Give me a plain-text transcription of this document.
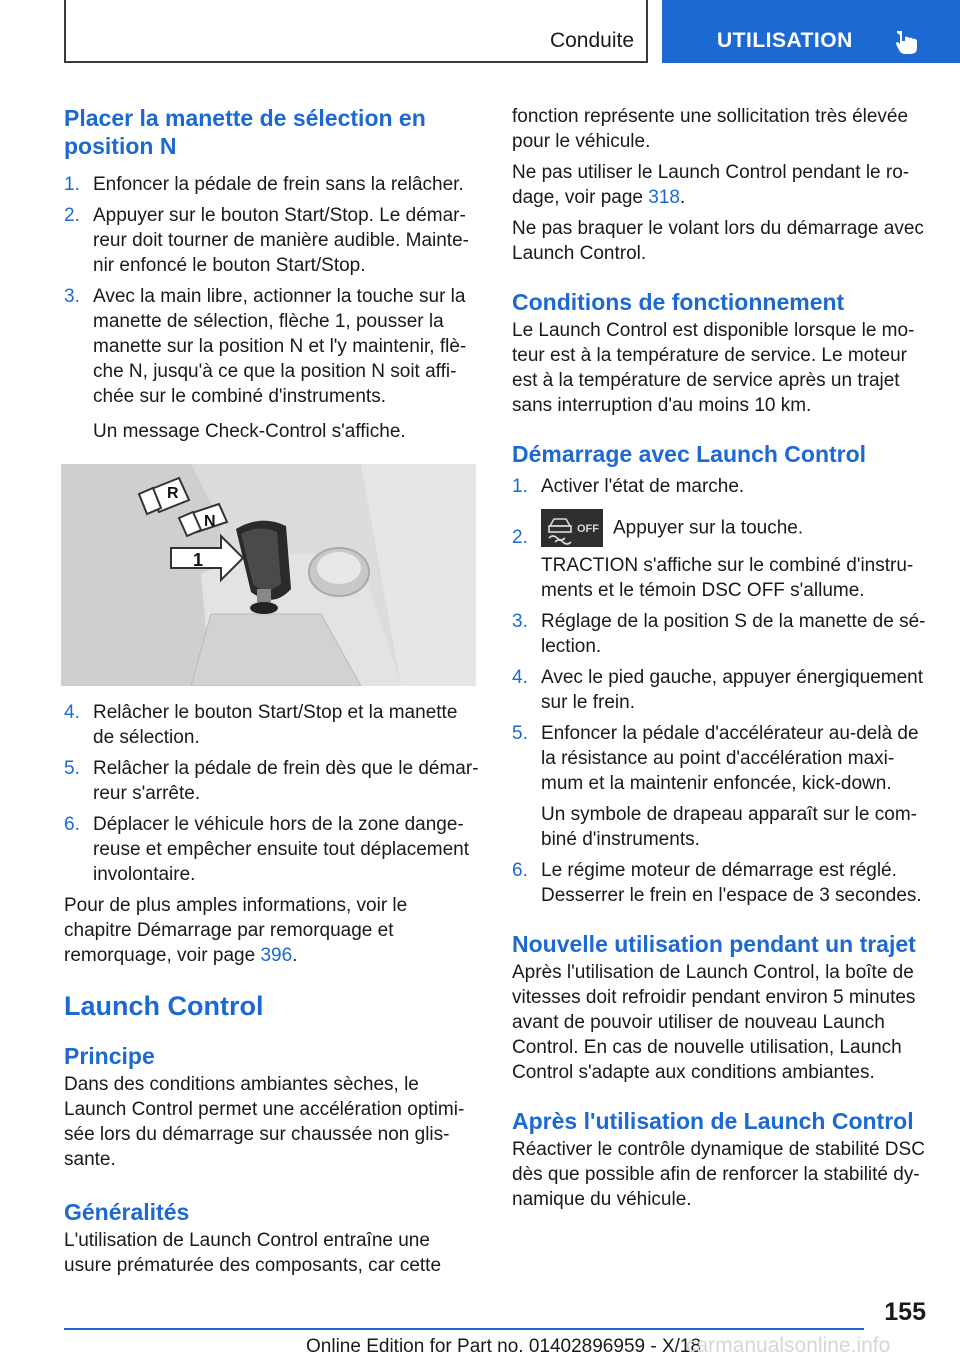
Conduite	UTILISATION
Placer la manette de sélection en position N
1. Enfoncer la pédale de frein sans la relâcher.
2. Appuyer sur le bouton Start/Stop. Le démarreur doit tourner de manière audible. Maintenir enfoncé le bouton Start/Stop.
3. Avec la main libre, actionner la touche sur la manette de sélection, flèche 1, pousser la manette sur la position N et l'y maintenir, flèche N, jusqu'à ce que la position N soit affichée sur le combiné d'instruments.
Un message Check-Control s'affiche.
R
N
1
4. Relâcher le bouton Start/Stop et la manette de sélection.
5. Relâcher la pédale de frein dès que le démarreur s'arrête.
6. Déplacer le véhicule hors de la zone dangereuse et empêcher ensuite tout déplacement involontaire.

Pour de plus amples informations, voir le chapitre Démarrage par remorquage et remorquage, voir page 396.

Launch Control
Principe

Dans des conditions ambiantes sèches, le Launch Control permet une accélération optimisée lors du démarrage sur chaussée non glissante.

Généralités

L'utilisation de Launch Control entraîne une usure prématurée des composants, car cette

fonction représente une sollicitation très élevée pour le véhicule.

Ne pas utiliser le Launch Control pendant le rodage, voir page 318.

Ne pas braquer le volant lors du démarrage avec Launch Control.

Conditions de fonctionnement

Le Launch Control est disponible lorsque le moteur est à la température de service. Le moteur est à la température de service après un trajet sans interruption d'au moins 10 km.

Démarrage avec Launch Control
1. Activer l'état de marche.
2.	OFF Appuyer sur la touche.
TRACTION s'affiche sur le combiné d'instruments et le témoin DSC OFF s'allume.
3. Réglage de la position S de la manette de sélection.
4. Avec le pied gauche, appuyer énergiquement sur le frein.
5. Enfoncer la pédale d'accélérateur au-delà de la résistance au point d'accélération maximum et la maintenir enfoncée, kick-down.
Un symbole de drapeau apparaît sur le combiné d'instruments.
6. Le régime moteur de démarrage est réglé. Desserrer le frein en l'espace de 3 secondes.
Nouvelle utilisation pendant un trajet

Après l'utilisation de Launch Control, la boîte de vitesses doit refroidir pendant environ 5 minutes avant de pouvoir utiliser de nouveau Launch Control. En cas de nouvelle utilisation, Launch Control s'adapte aux conditions ambiantes.

Après l'utilisation de Launch Control

Réactiver le contrôle dynamique de stabilité DSC dès que possible afin de renforcer la stabilité dynamique du véhicule.

155
Online Edition for Part no. 01402896959 - X/18
carmanualsonline.info
